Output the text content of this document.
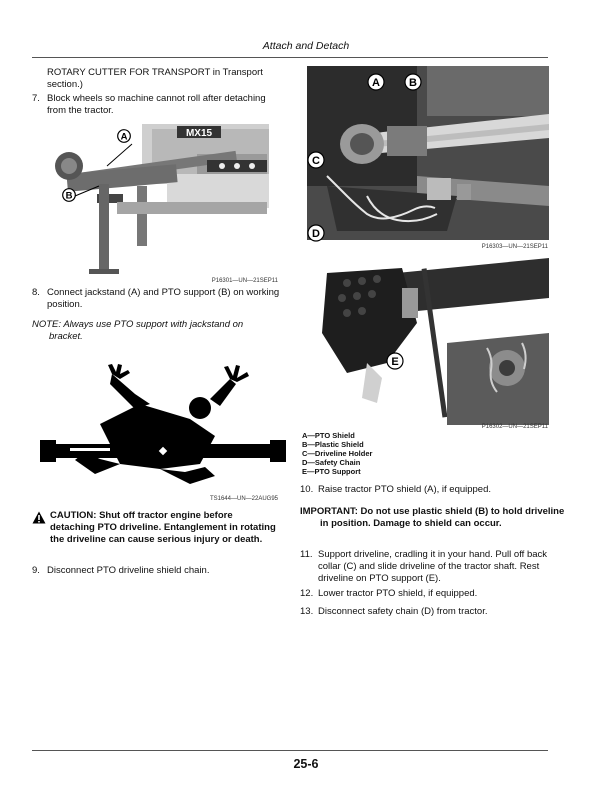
Attach and Detach
ROTARY CUTTER FOR TRANSPORT in Transport
section.)
7. Block wheels so machine cannot roll after detaching from the tractor.
MX15
A
B
P16301—UN—21SEP11
8. Connect jackstand (A) and PTO support (B) on working position.
NOTE: Always use PTO support with jackstand on bracket.
TS1644—UN—22AUG95
CAUTION: Shut off tractor engine before detaching PTO driveline. Entanglement in rotating the driveline can cause serious injury or death.
9. Disconnect PTO driveline shield chain.
A	B
C
D
P16303—UN—21SEP11
E
P16302—UN—21SEP11
A—PTO Shield
B—Plastic Shield
C—Driveline Holder
D—Safety Chain
E—PTO Support
10. Raise tractor PTO shield (A), if equipped.
IMPORTANT: Do not use plastic shield (B) to hold driveline in position. Damage to shield can occur.
11. Support driveline, cradling it in your hand. Pull off back collar (C) and slide driveline of the tractor shaft. Rest driveline on PTO support (E).
12. Lower tractor PTO shield, if equipped.
13. Disconnect safety chain (D) from tractor.
25-6
